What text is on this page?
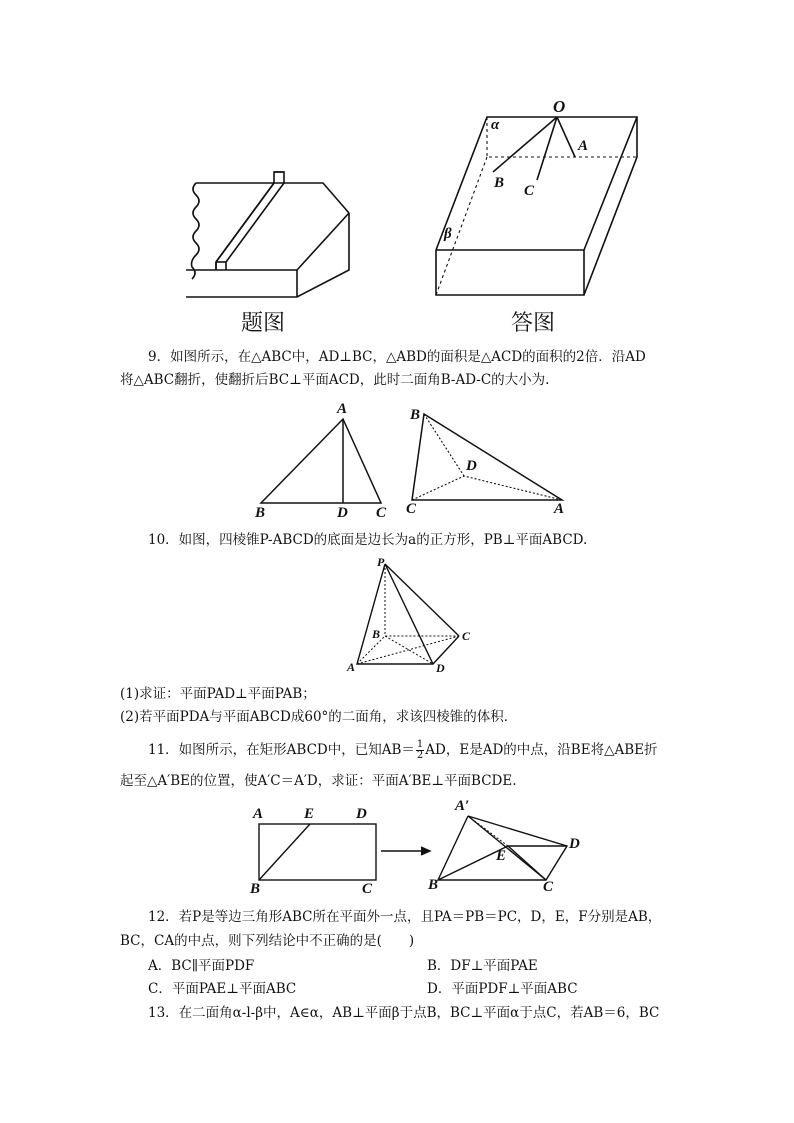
题图
O
α
A
B C
β
答图
9．如图所示，在△ABC中，AD⊥BC，△ABD的面积是△ACD的面积的2倍．沿AD
将△ABC翻折，使翻折后BC⊥平面ACD，此时二面角B-AD-C的大小为.
A
B	D C
B
D
C	A
10．如图，四棱锥P-ABCD的底面是边长为a的正方形，PB⊥平面ABCD.
P
B	C
A	D
(1)求证：平面PAD⊥平面PAB；
(2)若平面PDA与平面ABCD成60°的二面角，求该四棱锥的体积．
11．如图所示，在矩形ABCD中，已知$AB= \frac{1}{2}$ AD，E是AD的中点，沿BE将△ABE折
起至△A′BE的位置，使A′C＝A′D，求证：平面A′BE⊥平面BCDE.
A	E	D
B	C
A′
E
D
B	C
12．若P是等边三角形ABC所在平面外一点，且PA＝PB＝PC，D，E，F分别是AB，
BC，CA的中点，则下列结论中不正确的是(　　)
A．BC∥平面PDF	B．DF⊥平面PAE
C．平面PAE⊥平面ABC	D．平面PDF⊥平面ABC
13．在二面角α-l-β中，A∈α，AB⊥平面β于点B，BC⊥平面α于点C，若AB＝6，BC
